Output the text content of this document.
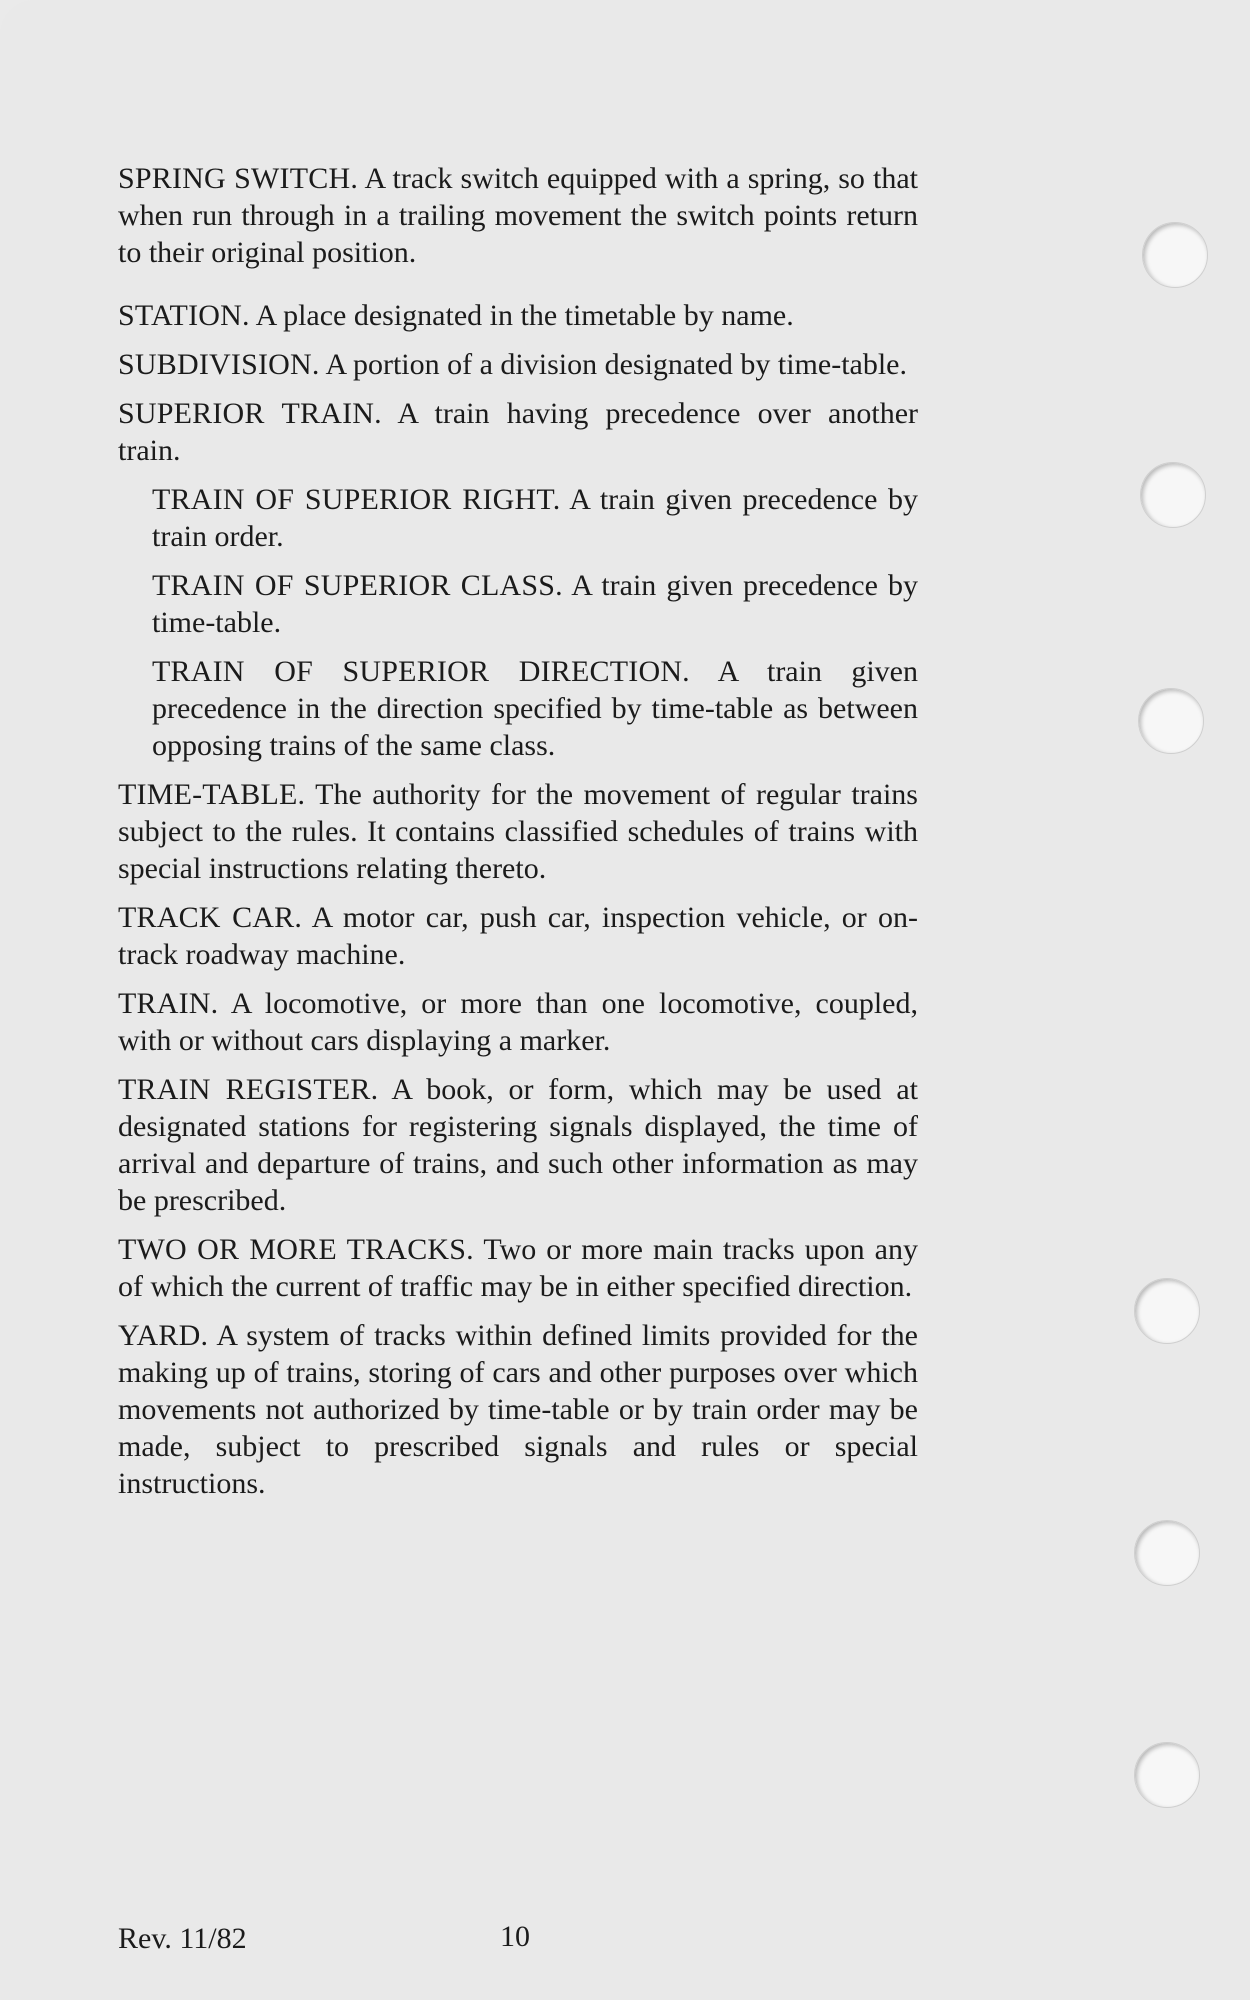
SPRING SWITCH. A track switch equipped with a spring, so that when run through in a trailing movement the switch points return to their original position.

STATION. A place designated in the timetable by name.

SUBDIVISION. A portion of a division designated by time-table.

SUPERIOR TRAIN. A train having precedence over another train.

TRAIN OF SUPERIOR RIGHT. A train given precedence by train order.

TRAIN OF SUPERIOR CLASS. A train given precedence by time-table.

TRAIN OF SUPERIOR DIRECTION. A train given precedence in the direction specified by time-table as between opposing trains of the same class.

TIME-TABLE. The authority for the movement of regular trains subject to the rules. It contains classified schedules of trains with special instructions relating thereto.

TRACK CAR. A motor car, push car, inspection vehicle, or on-track roadway machine.

TRAIN. A locomotive, or more than one locomotive, coupled, with or without cars displaying a marker.

TRAIN REGISTER. A book, or form, which may be used at designated stations for registering signals displayed, the time of arrival and departure of trains, and such other information as may be prescribed.

TWO OR MORE TRACKS. Two or more main tracks upon any of which the current of traffic may be in either specified direction.

YARD. A system of tracks within defined limits provided for the making up of trains, storing of cars and other purposes over which movements not authorized by time-table or by train order may be made, subject to prescribed signals and rules or special instructions.

Rev. 11/82	10
